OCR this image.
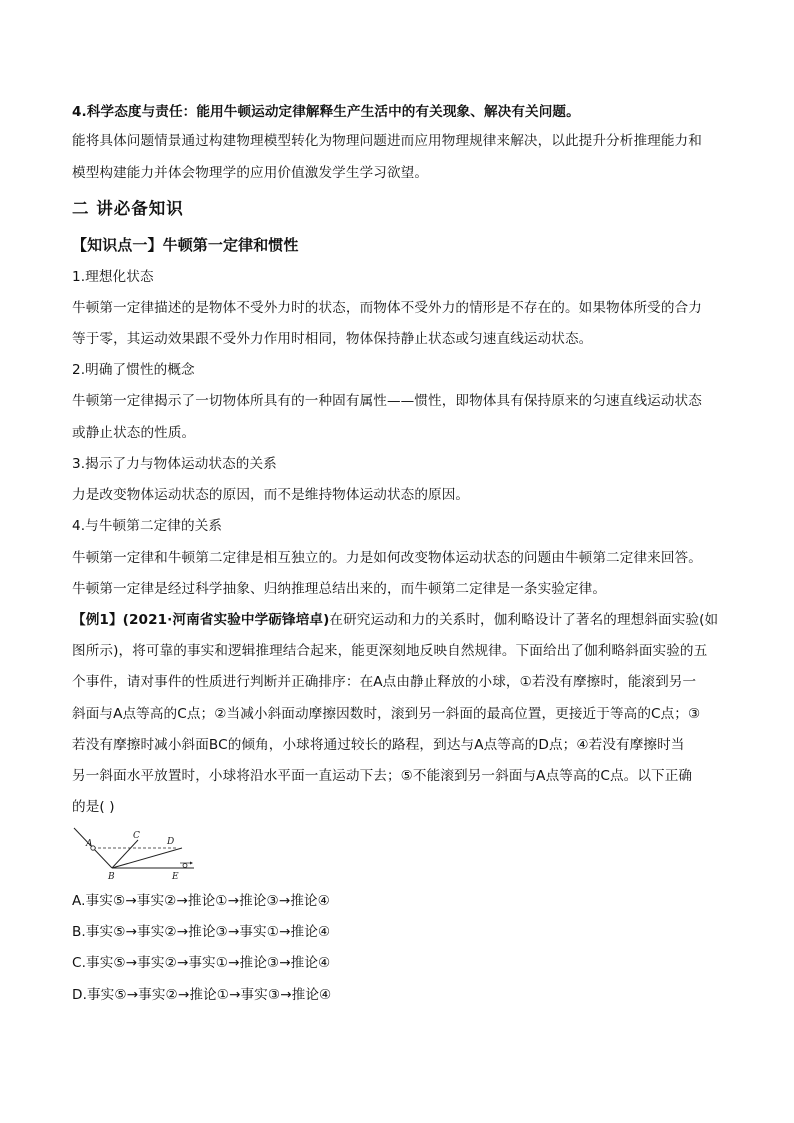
4.科学态度与责任：能用牛顿运动定律解释生产生活中的有关现象、解决有关问题。
能将具体问题情景通过构建物理模型转化为物理问题进而应用物理规律来解决，以此提升分析推理能力和
模型构建能力并体会物理学的应用价值激发学生学习欲望。
二 讲必备知识
【知识点一】牛顿第一定律和惯性
1.理想化状态
牛顿第一定律描述的是物体不受外力时的状态，而物体不受外力的情形是不存在的。如果物体所受的合力
等于零，其运动效果跟不受外力作用时相同，物体保持静止状态或匀速直线运动状态。
2.明确了惯性的概念
牛顿第一定律揭示了一切物体所具有的一种固有属性——惯性，即物体具有保持原来的匀速直线运动状态
或静止状态的性质。
3.揭示了力与物体运动状态的关系
力是改变物体运动状态的原因，而不是维持物体运动状态的原因。
4.与牛顿第二定律的关系
牛顿第一定律和牛顿第二定律是相互独立的。力是如何改变物体运动状态的问题由牛顿第二定律来回答。
牛顿第一定律是经过科学抽象、归纳推理总结出来的，而牛顿第二定律是一条实验定律。
【例1】(2021·河南省实验中学砺锋培卓)在研究运动和力的关系时，伽利略设计了著名的理想斜面实验(如
图所示)，将可靠的事实和逻辑推理结合起来，能更深刻地反映自然规律。下面给出了伽利略斜面实验的五
个事件，请对事件的性质进行判断并正确排序：在A点由静止释放的小球，①若没有摩擦时，能滚到另一
斜面与A点等高的C点；②当减小斜面动摩擦因数时，滚到另一斜面的最高位置，更接近于等高的C点；③
若没有摩擦时减小斜面BC的倾角，小球将通过较长的路程，到达与A点等高的D点；④若没有摩擦时当
另一斜面水平放置时，小球将沿水平面一直运动下去；⑤不能滚到另一斜面与A点等高的C点。以下正确
的是( )
A
B
C
D
E
A.事实⑤→事实②→推论①→推论③→推论④
B.事实⑤→事实②→推论③→事实①→推论④
C.事实⑤→事实②→事实①→推论③→推论④
D.事实⑤→事实②→推论①→事实③→推论④
